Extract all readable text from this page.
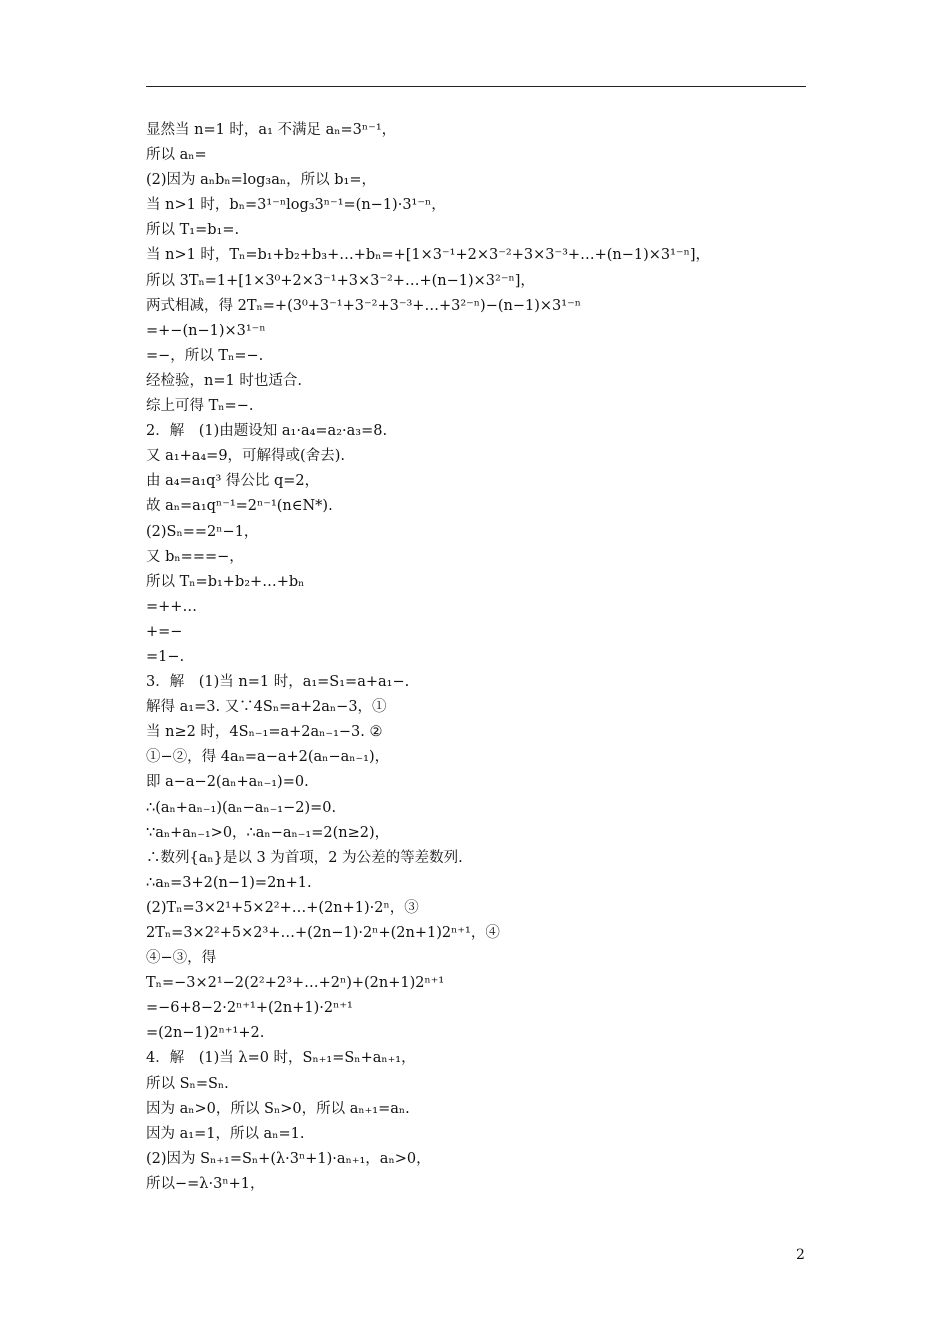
显然当 n=1 时，a₁ 不满足 aₙ=3ⁿ⁻¹，
所以 aₙ=
(2)因为 aₙbₙ=log₃aₙ，所以 b₁=，
当 n>1 时，bₙ=3¹⁻ⁿlog₃3ⁿ⁻¹=(n−1)·3¹⁻ⁿ，
所以 T₁=b₁=.
当 n>1 时，Tₙ=b₁+b₂+b₃+…+bₙ=+[1×3⁻¹+2×3⁻²+3×3⁻³+…+(n−1)×3¹⁻ⁿ]，
所以 3Tₙ=1+[1×3⁰+2×3⁻¹+3×3⁻²+…+(n−1)×3²⁻ⁿ]，
两式相减，得 2Tₙ=+(3⁰+3⁻¹+3⁻²+3⁻³+…+3²⁻ⁿ)−(n−1)×3¹⁻ⁿ
=+−(n−1)×3¹⁻ⁿ
=−，所以 Tₙ=−.
经检验，n=1 时也适合.
综上可得 Tₙ=−.
2．解　(1)由题设知 a₁·a₄=a₂·a₃=8.
又 a₁+a₄=9，可解得或(舍去).
由 a₄=a₁q³ 得公比 q=2，
故 aₙ=a₁qⁿ⁻¹=2ⁿ⁻¹(n∈N*).
(2)Sₙ==2ⁿ−1，
又 bₙ===−，
所以 Tₙ=b₁+b₂+…+bₙ
=++…
+=−
=1−.
3．解　(1)当 n=1 时，a₁=S₁=a+a₁−.
解得 a₁=3. 又∵4Sₙ=a+2aₙ−3，①
当 n≥2 时，4Sₙ₋₁=a+2aₙ₋₁−3. ②
①−②，得 4aₙ=a−a+2(aₙ−aₙ₋₁)，
即 a−a−2(aₙ+aₙ₋₁)=0.
∴(aₙ+aₙ₋₁)(aₙ−aₙ₋₁−2)=0.
∵aₙ+aₙ₋₁>0，∴aₙ−aₙ₋₁=2(n≥2)，
∴数列{aₙ}是以 3 为首项，2 为公差的等差数列.
∴aₙ=3+2(n−1)=2n+1.
(2)Tₙ=3×2¹+5×2²+…+(2n+1)·2ⁿ，③
2Tₙ=3×2²+5×2³+…+(2n−1)·2ⁿ+(2n+1)2ⁿ⁺¹，④
④−③，得
Tₙ=−3×2¹−2(2²+2³+…+2ⁿ)+(2n+1)2ⁿ⁺¹
=−6+8−2·2ⁿ⁺¹+(2n+1)·2ⁿ⁺¹
=(2n−1)2ⁿ⁺¹+2.
4．解　(1)当 λ=0 时，Sₙ₊₁=Sₙ+aₙ₊₁，
所以 Sₙ=Sₙ.
因为 aₙ>0，所以 Sₙ>0，所以 aₙ₊₁=aₙ.
因为 a₁=1，所以 aₙ=1.
(2)因为 Sₙ₊₁=Sₙ+(λ·3ⁿ+1)·aₙ₊₁，aₙ>0，
所以−=λ·3ⁿ+1，
2
